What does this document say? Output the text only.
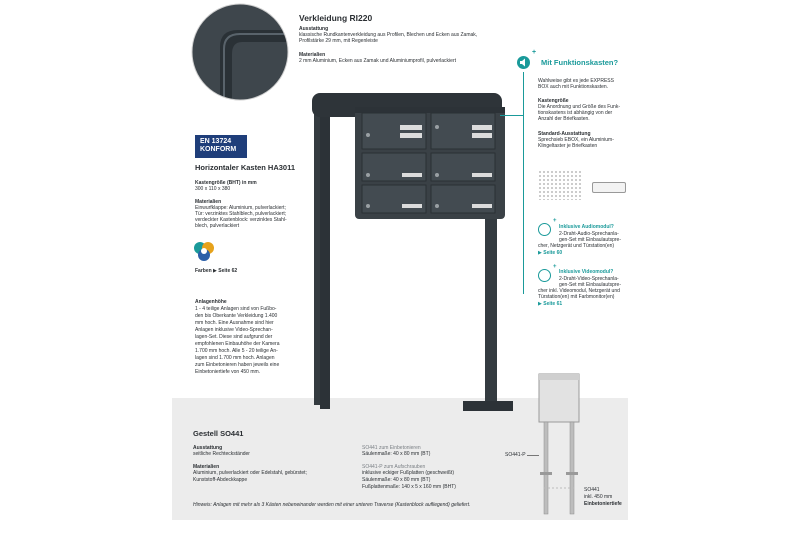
Verkleidung RI220
Ausstattung
klassische Rundkantenverkleidung aus Profilen, Blechen und Ecken aus Zamak,
Profilstärke 29 mm, mit Regenleiste
Materialien
2 mm Aluminium, Ecken aus Zamak und Aluminiumprofil, pulverlackiert
EN 13724
KONFORM
Horizontaler Kasten HA3011
Kastengröße (BHT) in mm
300 x 110 x 380
Materialien
Einwurfklappe: Aluminium, pulverlackiert;
Tür: verzinktes Stahlblech, pulverlackiert;
verdeckter Kastenblock: verzinktes Stahl-
blech, pulverlackiert
Farben ▶ Seite 62
Anlagenhöhe
1 - 4 teilige Anlagen sind von Fußbo-
den bis Oberkante Verkleidung 1.400
mm hoch. Eine Ausnahme sind hier
Anlagen inklusive Video-Sprechan-
lagen-Set. Diese sind aufgrund der
empfohlenen Einbauhöhe der Kamera
1.700 mm hoch. Alle 5 - 20 teilige An-
lagen sind 1.700 mm hoch. Anlagen
zum Einbetonieren haben jeweils eine
Einbetoniertiefe von 450 mm.
+
Mit Funktionskasten?
Wahlweise gibt es jede EXPRESS
BOX auch mit Funktionskasten.
Kastengröße
Die Anordnung und Größe des Funk-
tionskastens ist abhängig von der
Anzahl der Briefkasten.
Standard-Ausstattung
Sprechsieb EBOX, ein Aluminium-
Klingeltaster je Briefkasten
+
Inklusive Audiomodul?
2-Draht-Audio-Sprechanla-
gen-Set mit Einbaulautspre-
cher, Netzgerät und Türstation(en)
▶ Seite 60
+
Inklusive Videomodul?
2-Draht-Video-Sprechanla-
gen-Set mit Einbaulautspre-
cher inkl. Videomodul, Netzgerät und
Türstation(en) mit Farbmonitor(en)
▶ Seite 61
Gestell SO441
Ausstattung
seitliche Rechteckständer
Materialien
Aluminium, pulverlackiert oder Edelstahl, gebürstet;
Kunststoff-Abdeckkappe
SO441 zum Einbetonieren
Säulenmaße: 40 x 80 mm (BT)
SO441-P zum Aufschrauben
inklusive eckiger Fußplatten (geschweißt)
Säulenmaße: 40 x 80 mm (BT)
Fußplattenmaße: 140 x 5 x 160 mm (BHT)
Hinweis: Anlagen mit mehr als 3 Kästen nebeneinander werden mit einer unteren Traverse (Kastenblock aufliegend) geliefert.
SO441-P
SO441
inkl. 450 mm
Einbetoniertiefe
